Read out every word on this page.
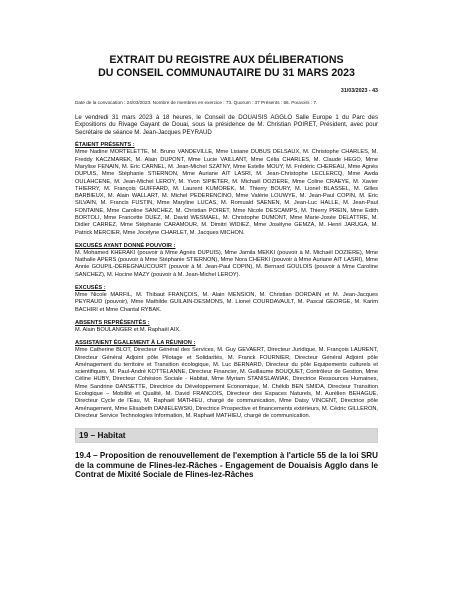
EXTRAIT DU REGISTRE AUX DÉLIBERATIONS
DU CONSEIL COMMUNAUTAIRE DU 31 MARS 2023
31/03/2023 - 43
Date de la convocation : 24/03/2023. Nombre de membres en exercice : 73. Quorum : 37 Présents : 56. Pouvoirs : 7.

Le vendredi 31 mars 2023 à 18 heures, le Conseil de DOUAISIS AGGLO Salle Europe 1 du Parc des Expositions du Rivage Gayant de Douai, sous la présidence de M. Christian POIRET, Président, avec pour Secrétaire de séance M. Jean-Jacques PEYRAUD

ÉTAIENT PRÉSENTS :
Mme Nadine MORTELETTE, M. Bruno VANDEVILLE, Mme Lisiane DUBUS DELSAUX, M. Christophe CHARLES, M. Freddy KACZMAREK, M. Alain DUPONT, Mme Lucie VAILLANT, Mme Célia CHARLES, M. Claude HEGO, Mme Marylise FENAIN, M. Eric CARNEL, M. Jean-Michel SZATNY, Mme Estelle MOUY, M. Frédéric CHEREAU, Mme Agnès DUPUIS, Mme Stéphanie STIERNON, Mme Auriane AIT LASRI, M. Jean-Christophe LECLERCQ, Mme Awda OULAHCENE, M. Jean-Michel LEROY, M. Yvon SIPIETER, M. Michaël DOZIERE, Mme Coline CRAEYE, M. Xavier THIERRY, M. François GUIFFARD, M. Laurent KUMOREK, M. Thierry BOURY, M. Lionel BLASSEL, M. Gilles BARBIEUX, M. Alain WALLART, M. Michel PEDERENCINO, Mme Valérie LOUWYE, M. Jean-Paul COPIN, M. Eric SILVAIN, M. Francis FUSTIN, Mme Maryline LUCAS, M. Romuald SAENEN, M. Jean-Luc HALLE, M. Jean-Paul FONTAINE, Mme Caroline SANCHEZ, M. Christian POIRET, Mme Nicole DESCAMPS, M. Thierry PREIN, Mme Edith BORTOLI, Mme Francette DUEZ, M. David WESMAEL, M. Christophe DUMONT, Mme Marie-Josée DELATTRE, M. Didier CARREZ, Mme Stéphanie CARAMOUR, M. Dimitri WIDIEZ, Mme Josélyne GEMZA, M. Henri JARUGA, M. Patrick MERCIER, Mme Jocelyne CHARLET, M. Jacques MICHON.
EXCUSÉS AYANT DONNÉ POUVOIR :
M. Mohamed KHERAKI (pouvoir à Mme Agnès DUPUIS), Mme Jamila MEKKI (pouvoir à M. Michaël DOZIERE), Mme Nathalie APERS (pouvoir à Mme Stéphanie STIERNON), Mme Nora CHERKI (pouvoir à Mme Auriane AIT LASRI), Mme Annie GOUPIL-DEREGNAUCOURT (pouvoir à M. Jean-Paul COPIN), M. Bernard GOULOIS (pouvoir à Mme Caroline SANCHEZ), M. Hocine MAZY (pouvoir à M. Jean-Michel LEROY).
EXCUSÉS :
Mme Nicole MARFIL, M. Thibaut FRANÇOIS, M. Alain MENSION, M. Christian DORDAIN et M. Jean-Jacques PEYRAUD (pouvoir), Mme Mathilde GUILAIN-DESMONS, M. Lionel COURDAVAULT, M. Pascal GEORGE, M. Karim BACHIRI et Mme Chantal RYBAK.
ABSENTS REPRÉSENTÉS :
M. Alain BOULANGER et M. Raphaël AIX.
ASSISTAIENT ÉGALEMENT À LA RÉUNION :
Mme Catherine BLOT, Directeur Général des Services, M. Guy GEVAERT, Directeur Juridique, M. François LAURENT, Directeur Général Adjoint pôle Pilotage et Solidarités, M. Franck FOURNIER, Directeur Général Adjoint pôle Aménagement du territoire et Transition écologique, M. Luc BERNARD, Directeur du pôle Equipements culturels et scientifiques, M. Paul-André KOTTELANNE, Directeur Financier, M. Guillaume BOUQUET, Contrôleur de Gestion, Mme Céline HUBY, Directeur Cohésion Sociale - Habitat, Mme Myriam STANISLAWIAK, Directrice Ressources Humaines, Mme Sandrine DANSETTE, Directrice du Développement Economique, M. Chékib BEN SMIDA, Directeur Transition Ecologique – Mobilité et Qualité, M. David FRANCOIS, Directeur des Espaces Naturels, M. Aurélien BEHAGUE, Directeur Cycle de l'Eau, M. Raphaël MATHIEU, chargé de communication, Mme Daisy VINCENT, Directrice pôle Aménagement, Mme Elisabeth DANIELEWSKI, Directrice Prospective et financements extérieurs, M. Cédric GILLERON, Directeur Service Technologies Information, M. Raphaël MATHIEU, chargé de communication.
19 – Habitat
19.4 – Proposition de renouvellement de l'exemption à l'article 55 de la loi SRU de la commune de Flines-lez-Râches - Engagement de Douaisis Agglo dans le Contrat de Mixité Sociale de Flines-lez-Râches
